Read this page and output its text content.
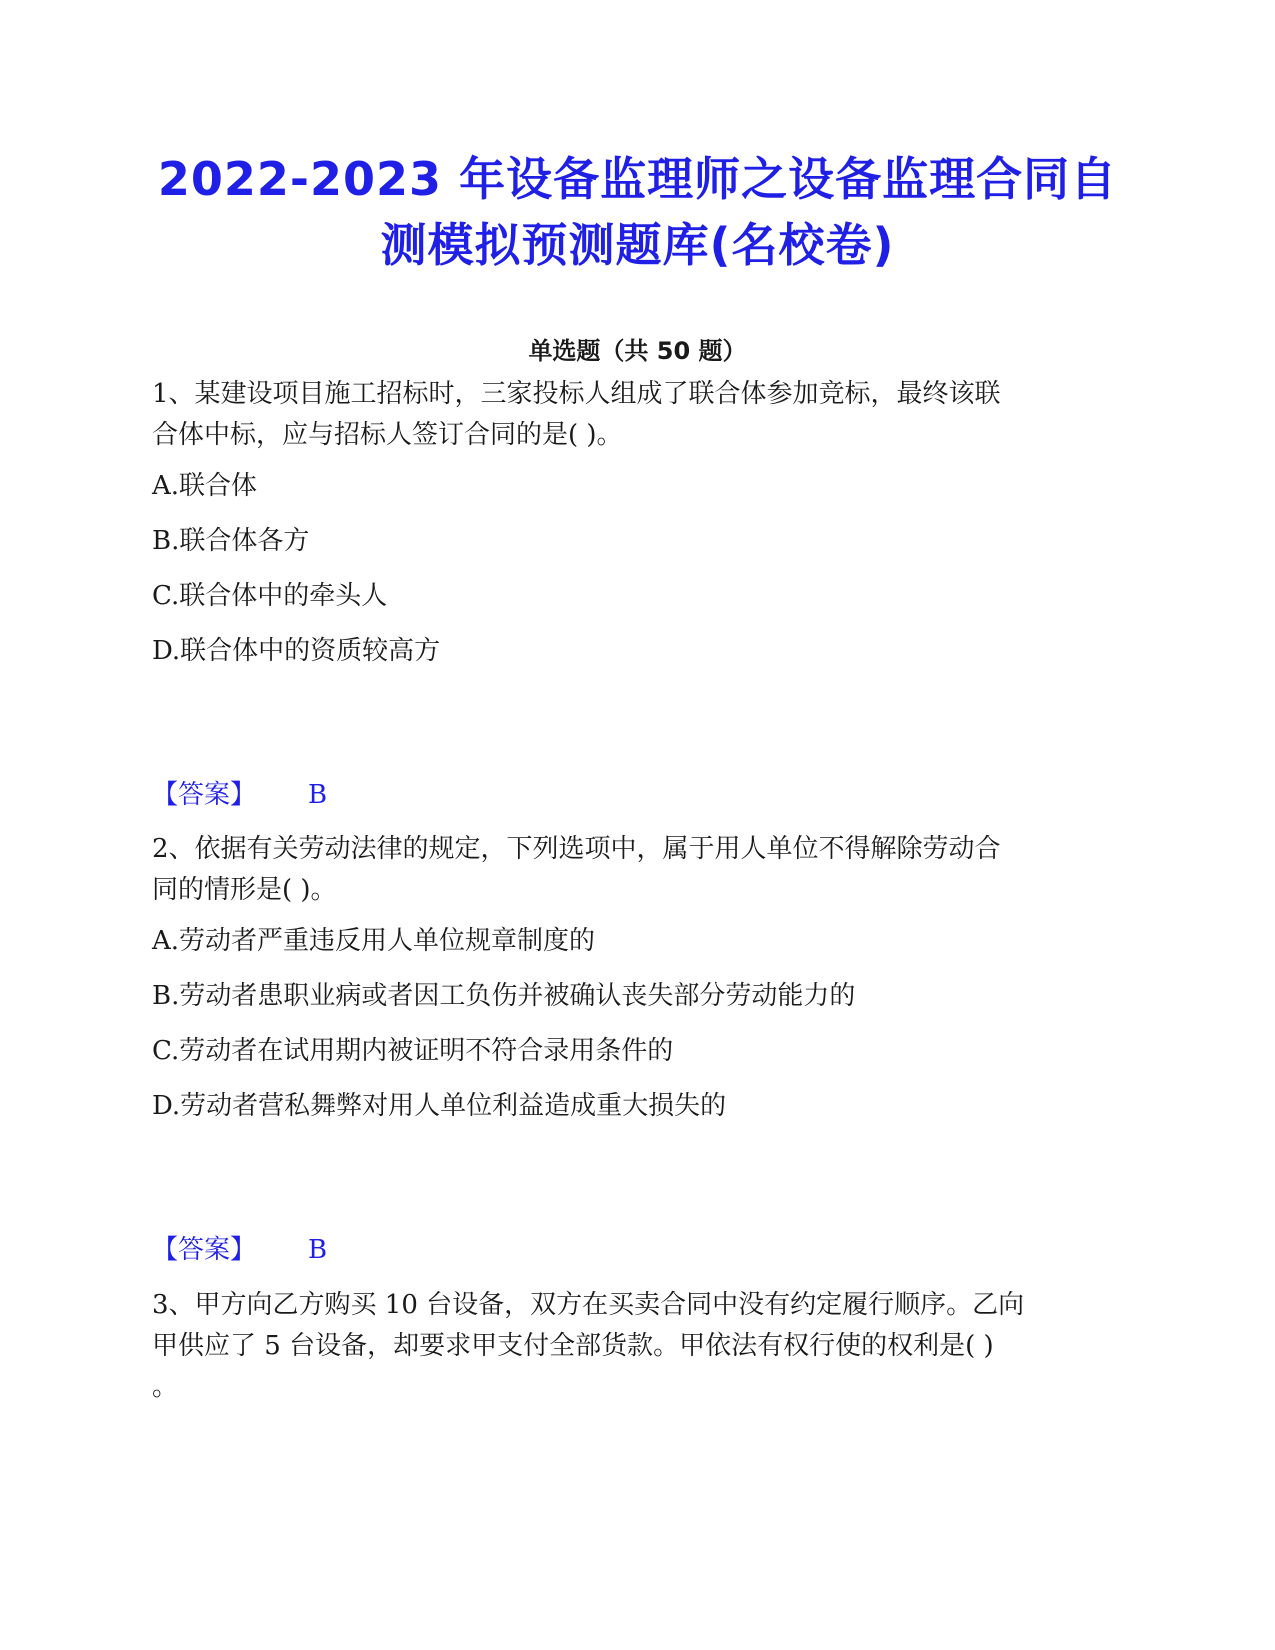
2022-2023 年设备监理师之设备监理合同自
测模拟预测题库(名校卷)
单选题（共 50 题）

1、某建设项目施工招标时，三家投标人组成了联合体参加竞标，最终该联

合体中标，应与招标人签订合同的是( )。

A.联合体
B.联合体各方
C.联合体中的牵头人
D.联合体中的资质较高方
【答案】 B

2、依据有关劳动法律的规定，下列选项中，属于用人单位不得解除劳动合

同的情形是( )。

A.劳动者严重违反用人单位规章制度的
B.劳动者患职业病或者因工负伤并被确认丧失部分劳动能力的
C.劳动者在试用期内被证明不符合录用条件的
D.劳动者营私舞弊对用人单位利益造成重大损失的
【答案】 B

3、甲方向乙方购买 10 台设备，双方在买卖合同中没有约定履行顺序。乙向

甲供应了 5 台设备，却要求甲支付全部货款。甲依法有权行使的权利是( )

。
